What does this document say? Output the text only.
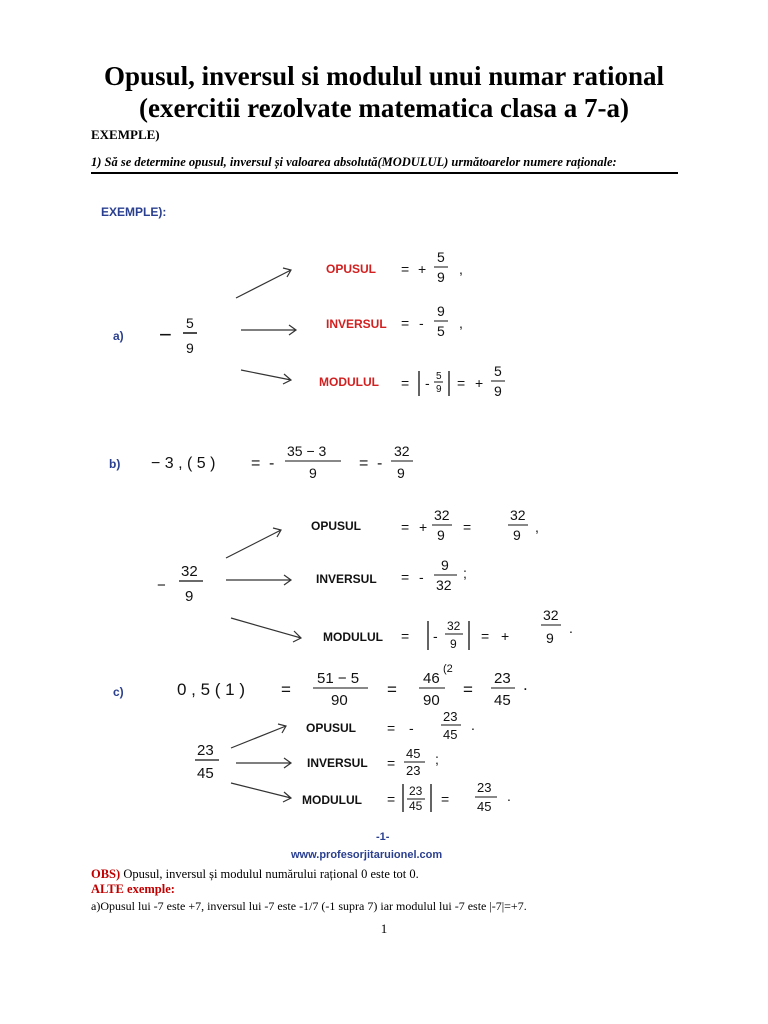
Opusul, inversul si modulul unui numar rational
(exercitii rezolvate matematica clasa a 7-a)
EXEMPLE)
1) Să se determine opusul, inversul și valoarea absolută(MODULUL) următoarelor numere raționale:
EXEMPLE):
a) − 5
9
OPUSUL
INVERSUL
MODULUL
= +
5
9 ,
= -
9
5 ,
= - 5
9 = +
5
9
b) − 3 , ( 5 ) = -
35 − 3
9
= -
32
9
−
32
9
OPUSUL
INVERSUL
MODULUL
= +
32
9 =
32
9 ,
= -
9
32
;
= -
32
9 = +
32
9
.
c)	0 , 5 ( 1 ) =
51 − 5
90
=
46
(2
90
=
23
45
.
23
45
OPUSUL
INVERSUL
MODULUL
= -
23
45
.
=
45
23
;
= 23
45 =
23
45
.
-1-
www.profesorjitaruionel.com
OBS) Opusul, inversul și modulul numărului rațional 0 este tot 0.
ALTE exemple:
a)Opusul lui -7 este +7, inversul lui -7 este -1/7 (-1 supra 7) iar modulul lui -7 este |-7|=+7.
1
